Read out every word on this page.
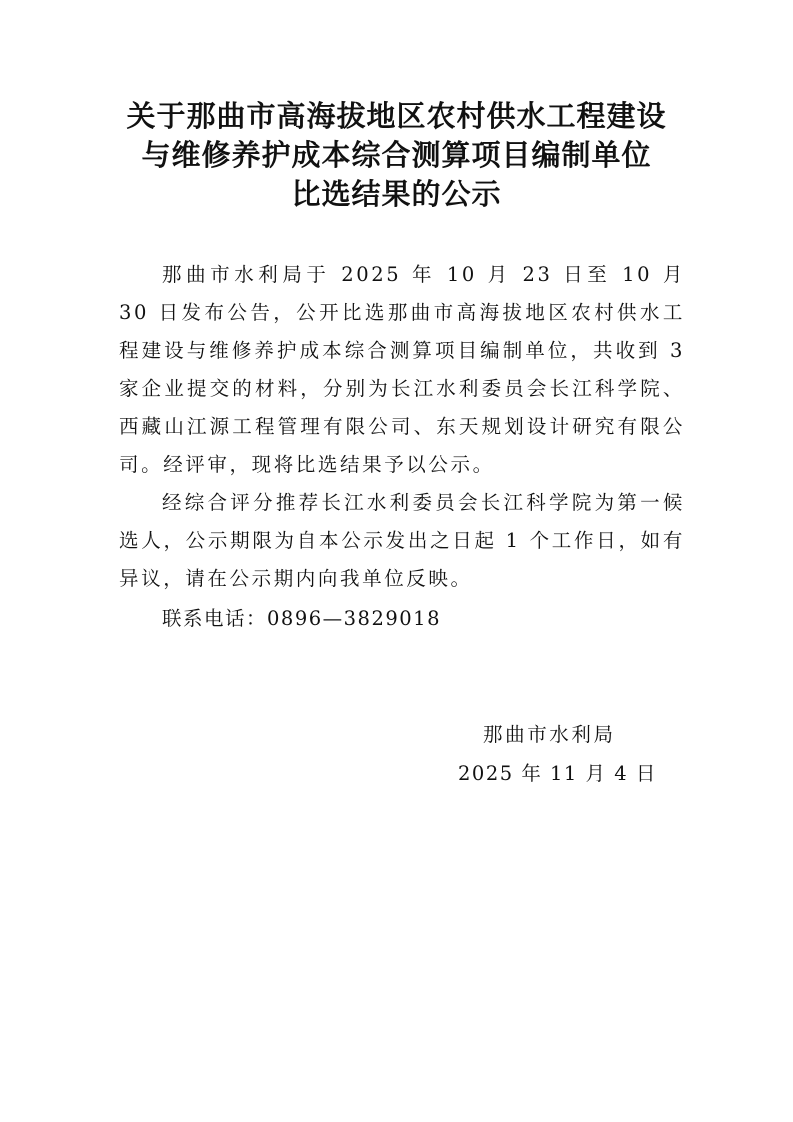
关于那曲市高海拔地区农村供水工程建设
与维修养护成本综合测算项目编制单位
比选结果的公示

那曲市水利局于 2025 年 10 月 23 日至 10 月 30 日发布公告，公开比选那曲市高海拔地区农村供水工程建设与维修养护成本综合测算项目编制单位，共收到 3 家企业提交的材料，分别为长江水利委员会长江科学院、西藏山江源工程管理有限公司、东天规划设计研究有限公司。经评审，现将比选结果予以公示。

经综合评分推荐长江水利委员会长江科学院为第一候选人，公示期限为自本公示发出之日起 1 个工作日，如有异议，请在公示期内向我单位反映。

联系电话：0896—3829018
那曲市水利局
2025 年 11 月 4 日
